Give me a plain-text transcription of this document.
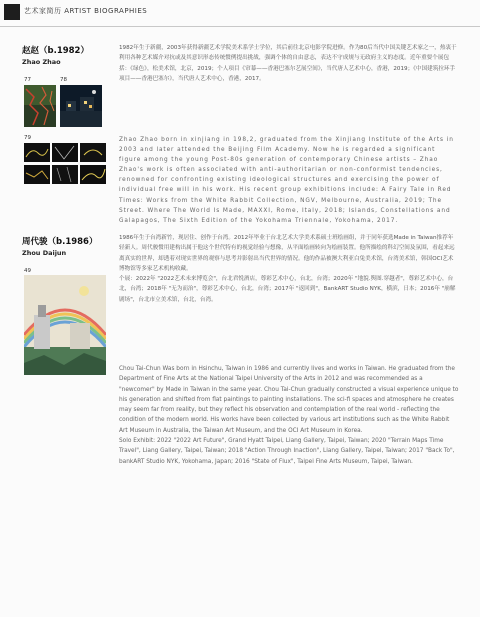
艺术家简历 ARTIST BIOGRAPHIES
赵赵（b.1982）
Zhao Zhao
77	78
79
1982年生于新疆，2003年获得新疆艺术学院美术系学士学位，其后前往北京电影学院进修。作为80后当代中国关键艺术家之一，热衷于利用各种艺术媒介对抗或及其意识形态传统惯例提出挑战，强调个体的自由意志，表达不守成规与无政府主义的态度。近年重要个展包括：《绿色》，松美术馆，北京，2019；个人项目《帘幕——香港巴塞尔艺展空间》，当代唐人艺术中心，香港，2019；《中国建筑拉环手项目——香港巴塞尔》，当代唐人艺术中心，香港，2017。
Zhao Zhao born in xinjiang in 198,2, graduated from the Xinjiang Institute of the Arts in 2003 and later attended the Beijing Film Academy. Now he is regarded a significant figure among the young Post-80s generation of contemporary Chinese artists – Zhao Zhao's work is often associated with anti-authoritarian or non-conformist tendencies, renowned for confronting existing ideological structures and exercising the power of individual free will in his work. His recent group exhibitions include: A Fairy Tale in Red Times: Works from the White Rabbit Collection, NGV, Melbourne, Australia, 2019; The Street. Where The World Is Made, MAXXI, Rome, Italy, 2018; Islands, Constellations and Galapagos, The Sixth Edition of the Yokohama Triennale, Yokohama, 2017.
周代骏（b.1986）
Zhou Daijun
49

1986年生于台湾新竹，现居住、创作于台湾。2012年毕业于台北艺术大学美术系硕士班绘画组，并于同年获选Made in Taiwan推荐年轻新人。周代骏惯用建构出属于他这个世代特有的视觉经验与想像，从平面绘画转向为绘画装置。他所描绘的科幻空间及氛围，看起来远离真实的世界，却透着对现实世界的观察与思考并影射出当代世界的情况。他的作品被澳大利亚白兔美术馆，台湾美术馆，韩国OCI艺术博物馆等多家艺术机构收藏。

个展：2022年 "2022艺术未来博览会"，台北君悦酒店，尊彩艺术中心，台北，台湾；2020年 "地貌.舆图.穿越者"，尊彩艺术中心，台北，台湾；2018年 "无为而治"，尊彩艺术中心，台北，台湾；2017年 "返回到"，BankART Studio NYK，横滨，日本；2016年 "崩解剧场"，台北市立美术馆，台北，台湾。

Chou Tai-Chun Was born in Hsinchu, Taiwan in 1986 and currently lives and works in Taiwan. He graduated from the Department of Fine Arts at the National Taipei University of the Arts in 2012 and was recommended as a "newcomer" by Made in Taiwan in the same year. Chou Tai-Chun gradually constructed a visual experience unique to his generation and shifted from flat paintings to painting installations. The sci-fi spaces and atmosphere he creates may seem far from reality, but they reflect his observation and contemplation of the real world - reflecting the condition of the modern world. His works have been collected by various art institutions such as the White Rabbit Art Museum in Australia, the Taiwan Art Museum, and the OCI Art Museum in Korea.

Solo Exhibit: 2022 "2022 Art Future", Grand Hyatt Taipei, Liang Gallery, Taipei, Taiwan; 2020 "Terrain Maps Time Travel", Liang Gallery, Taipei, Taiwan; 2018 "Action Through Inaction", Liang Gallery, Taipei, Taiwan; 2017 "Back To", bankART Studio NYK, Yokohama, Japan; 2016 "State of Flux", Taipei Fine Arts Museum, Taipei, Taiwan.
